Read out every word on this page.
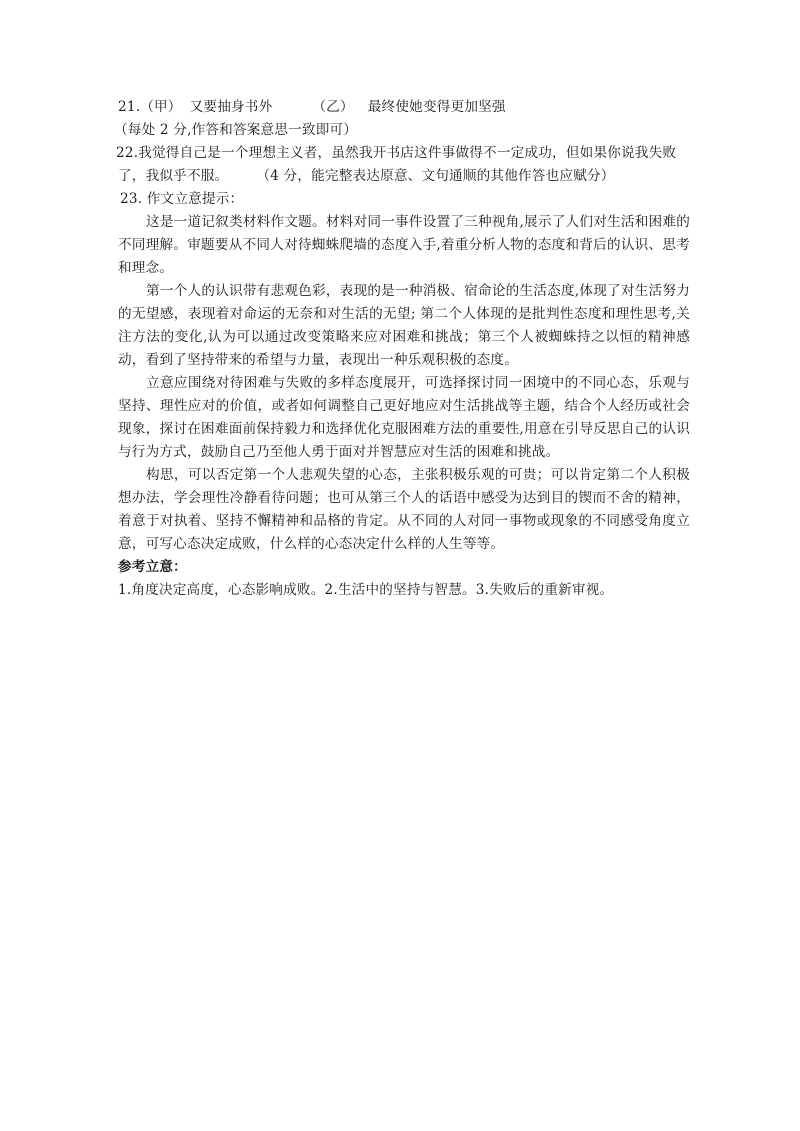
21. （甲） 又要抽身书外	（乙） 最终使她变得更加坚强

（每处 2 分,作答和答案意思一致即可）

22.我觉得自己是一个理想主义者，虽然我开书店这件事做得不一定成功，但如果你说我失败

了，我似乎不服。 （4 分，能完整表达原意、文句通顺的其他作答也应赋分）

23. 作文立意提示：

这是一道记叙类材料作文题。材料对同一事件设置了三种视角,展示了人们对生活和困难的不同理解。审题要从不同人对待蜘蛛爬墙的态度入手,着重分析人物的态度和背后的认识、思考和理念。

第一个人的认识带有悲观色彩，表现的是一种消极、宿命论的生活态度,体现了对生活努力的无望感，表现着对命运的无奈和对生活的无望; 第二个人体现的是批判性态度和理性思考,关注方法的变化,认为可以通过改变策略来应对困难和挑战；第三个人被蜘蛛持之以恒的精神感动，看到了坚持带来的希望与力量，表现出一种乐观积极的态度。

立意应围绕对待困难与失败的多样态度展开，可选择探讨同一困境中的不同心态，乐观与坚持、理性应对的价值，或者如何调整自己更好地应对生活挑战等主题，结合个人经历或社会现象，探讨在困难面前保持毅力和选择优化克服困难方法的重要性,用意在引导反思自己的认识与行为方式，鼓励自己乃至他人勇于面对并智慧应对生活的困难和挑战。

构思，可以否定第一个人悲观失望的心态，主张积极乐观的可贵；可以肯定第二个人积极想办法，学会理性冷静看待问题；也可从第三个人的话语中感受为达到目的锲而不舍的精神，着意于对执着、坚持不懈精神和品格的肯定。从不同的人对同一事物或现象的不同感受角度立意，可写心态决定成败，什么样的心态决定什么样的人生等等。

参考立意：

1.角度决定高度，心态影响成败。2.生活中的坚持与智慧。3.失败后的重新审视。
